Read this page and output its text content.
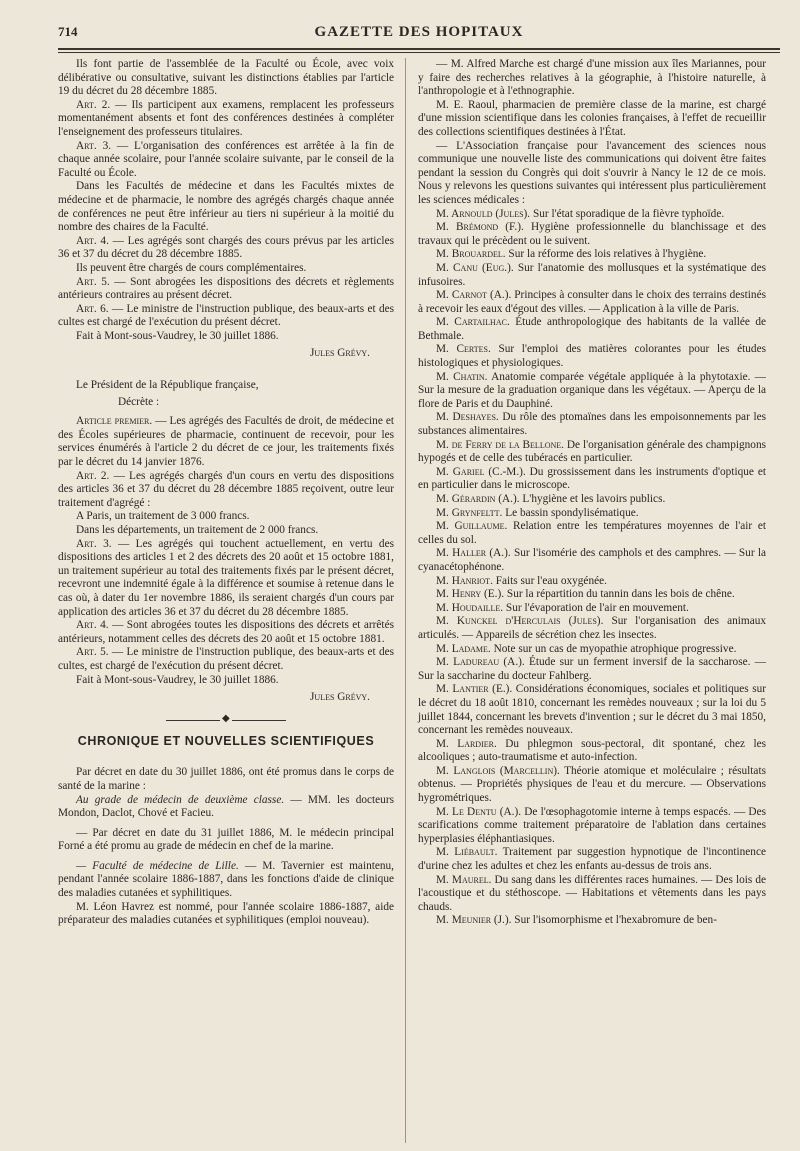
714	GAZETTE DES HOPITAUX

Ils font partie de l'assemblée de la Faculté ou École, avec voix délibérative ou consultative, suivant les distinctions établies par l'article 19 du décret du 28 décembre 1885.

Art. 2. — Ils participent aux examens, remplacent les professeurs momentanément absents et font des conférences destinées à compléter l'enseignement des professeurs titulaires.

Art. 3. — L'organisation des conférences est arrêtée à la fin de chaque année scolaire, pour l'année scolaire suivante, par le conseil de la Faculté ou École.

Dans les Facultés de médecine et dans les Facultés mixtes de médecine et de pharmacie, le nombre des agrégés chargés chaque année de conférences ne peut être inférieur au tiers ni supérieur à la moitié du nombre des chaires de la Faculté.

Art. 4. — Les agrégés sont chargés des cours prévus par les articles 36 et 37 du décret du 28 décembre 1885.

Ils peuvent être chargés de cours complémentaires.

Art. 5. — Sont abrogées les dispositions des décrets et règlements antérieurs contraires au présent décret.

Art. 6. — Le ministre de l'instruction publique, des beaux-arts et des cultes est chargé de l'exécution du présent décret.

Fait à Mont-sous-Vaudrey, le 30 juillet 1886.

Jules Grévy.

Le Président de la République française,

Décrète :

Article premier. — Les agrégés des Facultés de droit, de médecine et des Écoles supérieures de pharmacie, continuent de recevoir, pour les services énumérés à l'article 2 du décret de ce jour, les traitements fixés par le décret du 14 janvier 1876.

Art. 2. — Les agrégés chargés d'un cours en vertu des dispositions des articles 36 et 37 du décret du 28 décembre 1885 reçoivent, outre leur traitement d'agrégé :

A Paris, un traitement de 3 000 francs.

Dans les départements, un traitement de 2 000 francs.

Art. 3. — Les agrégés qui touchent actuellement, en vertu des dispositions des articles 1 et 2 des décrets des 20 août et 15 octobre 1881, un traitement supérieur au total des traitements fixés par le présent décret, recevront une indemnité égale à la différence et soumise à retenue dans le cas où, à dater du 1er novembre 1886, ils seraient chargés d'un cours par application des articles 36 et 37 du décret du 28 décembre 1885.

Art. 4. — Sont abrogées toutes les dispositions des décrets et arrêtés antérieurs, notamment celles des décrets des 20 août et 15 octobre 1881.

Art. 5. — Le ministre de l'instruction publique, des beaux-arts et des cultes, est chargé de l'exécution du présent décret.

Fait à Mont-sous-Vaudrey, le 30 juillet 1886.

Jules Grévy.
◆
CHRONIQUE ET NOUVELLES SCIENTIFIQUES

Par décret en date du 30 juillet 1886, ont été promus dans le corps de santé de la marine :

Au grade de médecin de deuxième classe. — MM. les docteurs Mondon, Daclot, Chové et Facieu.

— Par décret en date du 31 juillet 1886, M. le médecin principal Forné a été promu au grade de médecin en chef de la marine.

— Faculté de médecine de Lille. — M. Tavernier est maintenu, pendant l'année scolaire 1886-1887, dans les fonctions d'aide de clinique des maladies cutanées et syphilitiques.

M. Léon Havrez est nommé, pour l'année scolaire 1886-1887, aide préparateur des maladies cutanées et syphilitiques (emploi nouveau).

— M. Alfred Marche est chargé d'une mission aux îles Mariannes, pour y faire des recherches relatives à la géographie, à l'histoire naturelle, à l'anthropologie et à l'ethnographie.

M. E. Raoul, pharmacien de première classe de la marine, est chargé d'une mission scientifique dans les colonies françaises, à l'effet de recueillir des collections scientifiques destinées à l'État.

— L'Association française pour l'avancement des sciences nous communique une nouvelle liste des communications qui doivent être faites pendant la session du Congrès qui doit s'ouvrir à Nancy le 12 de ce mois. Nous y relevons les questions suivantes qui intéressent plus particulièrement les sciences médicales :

M. Arnould (Jules). Sur l'état sporadique de la fièvre typhoïde.

M. Brémond (F.). Hygiène professionnelle du blanchissage et des travaux qui le précèdent ou le suivent.

M. Brouardel. Sur la réforme des lois relatives à l'hygiène.

M. Canu (Eug.). Sur l'anatomie des mollusques et la systématique des infusoires.

M. Carnot (A.). Principes à consulter dans le choix des terrains destinés à recevoir les eaux d'égout des villes. — Application à la ville de Paris.

M. Cartailhac. Étude anthropologique des habitants de la vallée de Bethmale.

M. Certes. Sur l'emploi des matières colorantes pour les études histologiques et physiologiques.

M. Chatin. Anatomie comparée végétale appliquée à la phytotaxie. — Sur la mesure de la graduation organique dans les végétaux. — Aperçu de la flore de Paris et du Dauphiné.

M. Deshayes. Du rôle des ptomaïnes dans les empoisonnements par les substances alimentaires.

M. de Ferry de la Bellone. De l'organisation générale des champignons hypogés et de celle des tubéracés en particulier.

M. Gariel (C.-M.). Du grossissement dans les instruments d'optique et en particulier dans le microscope.

M. Gérardin (A.). L'hygiène et les lavoirs publics.

M. Grynfeltt. Le bassin spondylisématique.

M. Guillaume. Relation entre les températures moyennes de l'air et celles du sol.

M. Haller (A.). Sur l'isomérie des camphols et des camphres. — Sur la cyanacétophénone.

M. Hanriot. Faits sur l'eau oxygénée.

M. Henry (E.). Sur la répartition du tannin dans les bois de chêne.

M. Houdaille. Sur l'évaporation de l'air en mouvement.

M. Kunckel d'Herculais (Jules). Sur l'organisation des animaux articulés. — Appareils de sécrétion chez les insectes.

M. Ladame. Note sur un cas de myopathie atrophique progressive.

M. Ladureau (A.). Étude sur un ferment inversif de la saccharose. — Sur la saccharine du docteur Fahlberg.

M. Lantier (E.). Considérations économiques, sociales et politiques sur le décret du 18 août 1810, concernant les remèdes nouveaux ; sur la loi du 5 juillet 1844, concernant les brevets d'invention ; sur le décret du 3 mai 1850, concernant les remèdes nouveaux.

M. Lardier. Du phlegmon sous-pectoral, dit spontané, chez les alcooliques ; auto-traumatisme et auto-infection.

M. Langlois (Marcellin). Théorie atomique et moléculaire ; résultats obtenus. — Propriétés physiques de l'eau et du mercure. — Observations hygrométriques.

M. Le Dentu (A.). De l'œsophagotomie interne à temps espacés. — Des scarifications comme traitement préparatoire de l'ablation dans certaines hyperplasies éléphantiasiques.

M. Liébault. Traitement par suggestion hypnotique de l'incontinence d'urine chez les adultes et chez les enfants au-dessus de trois ans.

M. Maurel. Du sang dans les différentes races humaines. — Des lois de l'acoustique et du stéthoscope. — Habitations et vêtements dans les pays chauds.

M. Meunier (J.). Sur l'isomorphisme et l'hexabromure de ben-
